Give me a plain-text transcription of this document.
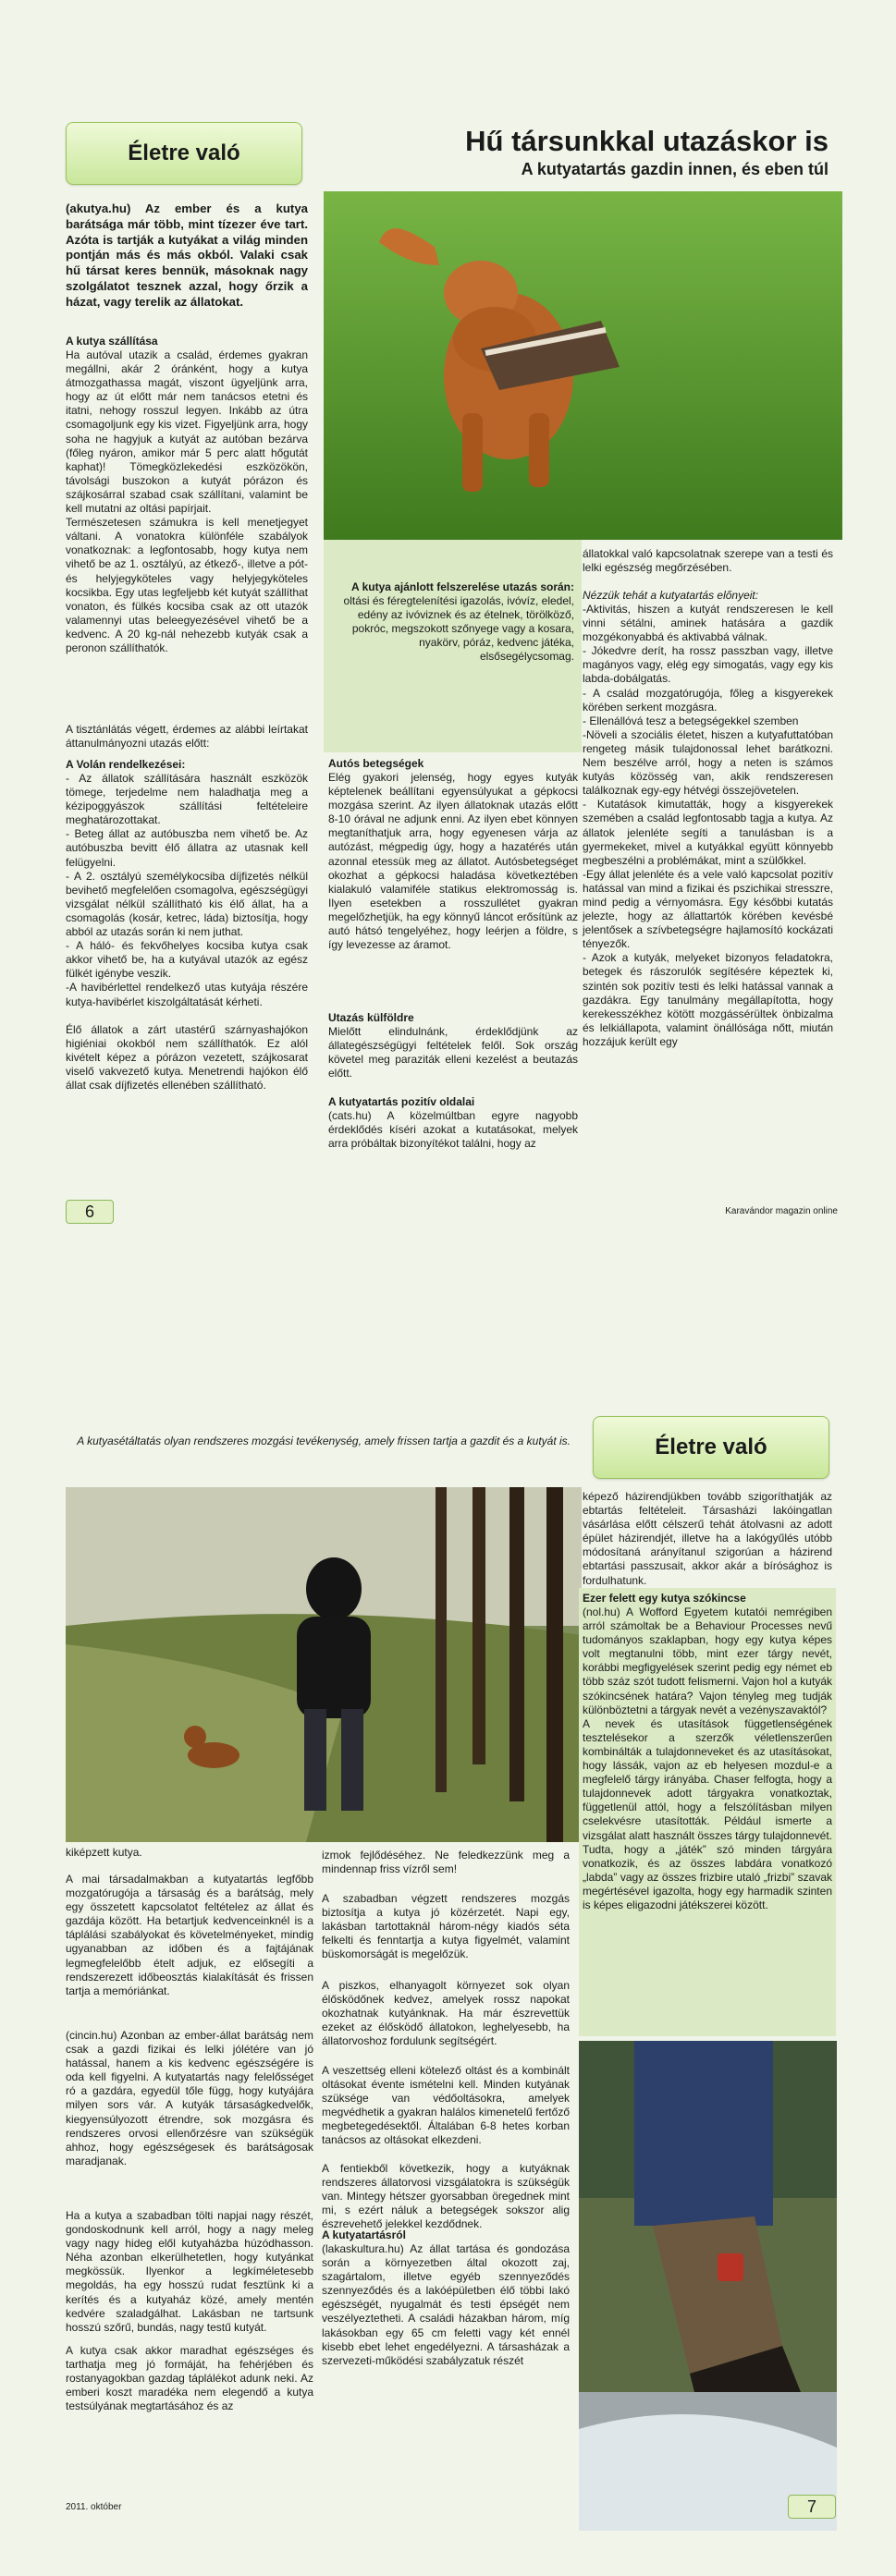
Életre való	Hű társunkkal utazáskor is
A kutyatartás gazdin innen, és eben túl
(akutya.hu) Az ember és a kutya barátsága már több, mint tízezer éve tart. Azóta is tartják a kutyákat a világ minden pontján más és más okból. Valaki csak hű társat keres bennük, másoknak nagy szolgálatot tesznek azzal, hogy őrzik a házat, vagy terelik az állatokat.
A kutya szállítása
Ha autóval utazik a család, érdemes gyakran megállni, akár 2 óránként, hogy a kutya átmozgathassa magát, viszont ügyeljünk arra, hogy az út előtt már nem tanácsos etetni és itatni, nehogy rosszul legyen. Inkább az útra csomagoljunk egy kis vizet. Figyeljünk arra, hogy soha ne hagyjuk a kutyát az autóban bezárva (főleg nyáron, amikor már 5 perc alatt hőgutát kaphat)! Tömegközlekedési eszközökön, távolsági buszokon a kutyát pórázon és szájkosárral szabad csak szállítani, valamint be kell mutatni az oltási papírjait.
Természetesen számukra is kell menetjegyet váltani. A vonatokra különféle szabályok vonatkoznak: a legfontosabb, hogy kutya nem vihető be az 1. osztályú, az étkező-, illetve a pót- és helyjegyköteles vagy helyjegyköteles kocsikba. Egy utas legfeljebb két kutyát szállíthat vonaton, és fülkés kocsiba csak az ott utazók valamennyi utas beleegyezésével vihető be a kedvenc. A 20 kg-nál nehezebb kutyák csak a peronon szállíthatók.
A tisztánlátás végett, érdemes az alábbi leírtakat áttanulmányozni utazás előtt:
A Volán rendelkezései:
- Az állatok szállítására használt eszközök tömege, terjedelme nem haladhatja meg a kézipoggyászok szállítási feltételeire meghatározottakat.
- Beteg állat az autóbuszba nem vihető be. Az autóbuszba bevitt élő állatra az utasnak kell felügyelni.
- A 2. osztályú személykocsiba díjfizetés nélkül bevihető megfelelően csomagolva, egészségügyi vizsgálat nélkül szállítható kis élő állat, ha a csomagolás (kosár, ketrec, láda) biztosítja, hogy abból az utazás során ki nem juthat.
- A háló- és fekvőhelyes kocsiba kutya csak akkor vihető be, ha a kutyával utazók az egész fülkét igénybe veszik.
-A havibérlettel rendelkező utas kutyája részére kutya-havibérlet kiszolgáltatását kérheti.
Élő állatok a zárt utastérű szárnyashajókon higiéniai okokból nem szállíthatók. Ez alól kivételt képez a pórázon vezetett, szájkosarat viselő vakvezető kutya. Menetrendi hajókon élő állat csak díjfizetés ellenében szállítható.
A kutya ajánlott felszerelése utazás során:
oltási és féregtelenítési igazolás, ivóvíz, eledel, edény az ivóviznek és az ételnek, törölköző, pokróc, megszokott szőnyege vagy a kosara, nyakörv, póráz, kedvenc játéka, elsősegélycsomag.
Autós betegségek
Elég gyakori jelenség, hogy egyes kutyák képtelenek beállítani egyensúlyukat a gépkocsi mozgása szerint. Az ilyen állatoknak utazás előtt 8-10 órával ne adjunk enni. Az ilyen ebet könnyen megtaníthatjuk arra, hogy egyenesen várja az autózást, mégpedig úgy, hogy a hazatérés után azonnal etessük meg az állatot. Autósbetegséget okozhat a gépkocsi haladása következtében kialakuló valamiféle statikus elektromosság is. Ilyen esetekben a rosszullétet gyakran megelőzhetjük, ha egy könnyű láncot erősítünk az autó hátsó tengelyéhez, hogy leérjen a földre, s így levezesse az áramot.
Utazás külföldre
Mielőtt elindulnánk, érdeklődjünk az állategészségügyi feltételek felől. Sok ország követel meg paraziták elleni kezelést a beutazás előtt.
A kutyatartás pozitív oldalai
(cats.hu) A közelmúltban egyre nagyobb érdeklődés kíséri azokat a kutatásokat, melyek arra próbáltak bizonyítékot találni, hogy az
állatokkal való kapcsolatnak szerepe van a testi és lelki egészség megőrzésében.
Nézzük tehát a kutyatartás előnyeit:
-Aktivitás, hiszen a kutyát rendszeresen le kell vinni sétálni, aminek hatására a gazdik mozgékonyabbá és aktivabbá válnak.
- Jókedvre derít, ha rossz passzban vagy, illetve magányos vagy, elég egy simogatás, vagy egy kis labda-dobálgatás.
- A család mozgatórugója, főleg a kisgyerekek körében serkent mozgásra.
- Ellenállóvá tesz a betegségekkel szemben
-Növeli a szociális életet, hiszen a kutyafuttatóban rengeteg másik tulajdonossal lehet barátkozni. Nem beszélve arról, hogy a neten is számos kutyás közösség van, akik rendszeresen találkoznak egy-egy hétvégi összejövetelen.
- Kutatások kimutatták, hogy a kisgyerekek szemében a család legfontosabb tagja a kutya. Az állatok jelenléte segíti a tanulásban is a gyermekeket, mivel a kutyákkal együtt könnyebb megbeszélni a problémákat, mint a szülőkkel.
-Egy állat jelenléte és a vele való kapcsolat pozitív hatással van mind a fizikai és pszichikai stresszre, mind pedig a vérnyomásra. Egy későbbi kutatás jelezte, hogy az állattartók körében kevésbé jelentősek a szívbetegségre hajlamosító kockázati tényezők.
- Azok a kutyák, melyeket bizonyos feladatokra, betegek és rászorulók segítésére képeztek ki, szintén sok pozitív testi és lelki hatással vannak a gazdákra. Egy tanulmány megállapította, hogy kerekesszékhez kötött mozgássérültek önbizalma és lelkiállapota, valamint önállósága nőtt, miután hozzájuk került egy
6	Karavándor magazin online
A kutyasétáltatás olyan rendszeres mozgási tevékenység, amely frissen tartja a gazdit és a kutyát is.	Életre való
kiképzett kutya.
A mai társadalmakban a kutyatartás legfőbb mozgatórugója a társaság és a barátság, mely egy összetett kapcsolatot feltételez az állat és gazdája között. Ha betartjuk kedvenceinknél is a táplálási szabályokat és követelményeket, mindig ugyanabban az időben és a fajtájának legmegfelelőbb ételt adjuk, ez elősegíti a rendszerezett időbeosztás kialakítását és frissen tartja a memóriánkat.
(cincin.hu) Azonban az ember-állat barátság nem csak a gazdi fizikai és lelki jólétére van jó hatással, hanem a kis kedvenc egészségére is oda kell figyelni. A kutyatartás nagy felelősséget ró a gazdára, egyedül tőle függ, hogy kutyájára milyen sors vár. A kutyák társaságkedvelők, kiegyensúlyozott étrendre, sok mozgásra és rendszeres orvosi ellenőrzésre van szükségük ahhoz, hogy egészségesek és barátságosak maradjanak.
Ha a kutya a szabadban tölti napjai nagy részét, gondoskodnunk kell arról, hogy a nagy meleg vagy nagy hideg elől kutyaházba húzódhasson. Néha azonban elkerülhetetlen, hogy kutyánkat megkössük. Ilyenkor a legkíméletesebb megoldás, ha egy hosszú rudat fesztünk ki a kerítés és a kutyaház közé, amely mentén kedvére szaladgálhat. Lakásban ne tartsunk hosszú szőrű, bundás, nagy testű kutyát.
A kutya csak akkor maradhat egészséges és tarthatja meg jó formáját, ha fehérjében és rostanyagokban gazdag táplálékot adunk neki. Az emberi koszt maradéka nem elegendő a kutya testsúlyának megtartásához és az
izmok fejlődéséhez. Ne feledkezzünk meg a mindennap friss vízről sem!
A szabadban végzett rendszeres mozgás biztosítja a kutya jó közérzetét. Napi egy, lakásban tartottaknál három-négy kiadós séta felkelti és fenntartja a kutya figyelmét, valamint büskomorságát is megelőzük.
A piszkos, elhanyagolt környezet sok olyan élősködőnek kedvez, amelyek rossz napokat okozhatnak kutyánknak. Ha már észrevettük ezeket az élősködő állatokon, leghelyesebb, ha állatorvoshoz fordulunk segítségért.
A veszettség elleni kötelező oltást és a kombinált oltásokat évente ismételni kell. Minden kutyának szüksége van védőoltásokra, amelyek megvédhetik a gyakran halálos kimenetelű fertőző megbetegedésektől. Általában 6-8 hetes korban tanácsos az oltásokat elkezdeni.
A fentiekből következik, hogy a kutyáknak rendszeres állatorvosi vizsgálatokra is szükségük van. Mintegy hétszer gyorsabban öregednek mint mi, s ezért náluk a betegségek sokszor alig észrevehető jelekkel kezdődnek.
A kutyatartásról
(lakaskultura.hu) Az állat tartása és gondozása során a környezetben által okozott zaj, szagártalom, illetve egyéb szennyeződés szennyeződés és a lakóépületben élő többi lakó egészségét, nyugalmát és testi épségét nem veszélyeztetheti. A családi házakban három, míg lakásokban egy 65 cm feletti vagy két ennél kisebb ebet lehet engedélyezni. A társasházak a szervezeti-működési szabályzatuk részét
képező házirendjükben tovább szigoríthatják az ebtartás feltételeit. Társasházi lakóingatlan vásárlása előtt célszerű tehát átolvasni az adott épület házirendjét, illetve ha a lakógyűlés utóbb módosítaná arányítanul szigorúan a házirend ebtartási passzusait, akkor akár a bírósághoz is fordulhatunk.
Ezer felett egy kutya szókincse
(nol.hu) A Wofford Egyetem kutatói nemrégiben arról számoltak be a Behaviour Processes nevű tudományos szaklapban, hogy egy kutya képes volt megtanulni több, mint ezer tárgy nevét, korábbi megfigyelések szerint pedig egy német eb több száz szót tudott felismerni. Vajon hol a kutyák szókincsének határa? Vajon tényleg meg tudják különböztetni a tárgyak nevét a vezényszavaktól?
A nevek és utasítások függetlenségének tesztelésekor a szerzők véletlenszerűen kombinálták a tulajdonneveket és az utasításokat, hogy lássák, vajon az eb helyesen mozdul-e a megfelelő tárgy irányába. Chaser felfogta, hogy a tulajdonnevek adott tárgyakra vonatkoztak, függetlenül attól, hogy a felszólításban milyen cselekvésre utasították. Például ismerte a vizsgálat alatt használt összes tárgy tulajdonnevét. Tudta, hogy a „játék” szó minden tárgyára vonatkozik, és az összes labdára vonatkozó „labda” vagy az összes frizbire utaló „frizbi” szavak megértésével igazolta, hogy egy harmadik szinten is képes eligazodni játékszerei között.
2011. október	7
